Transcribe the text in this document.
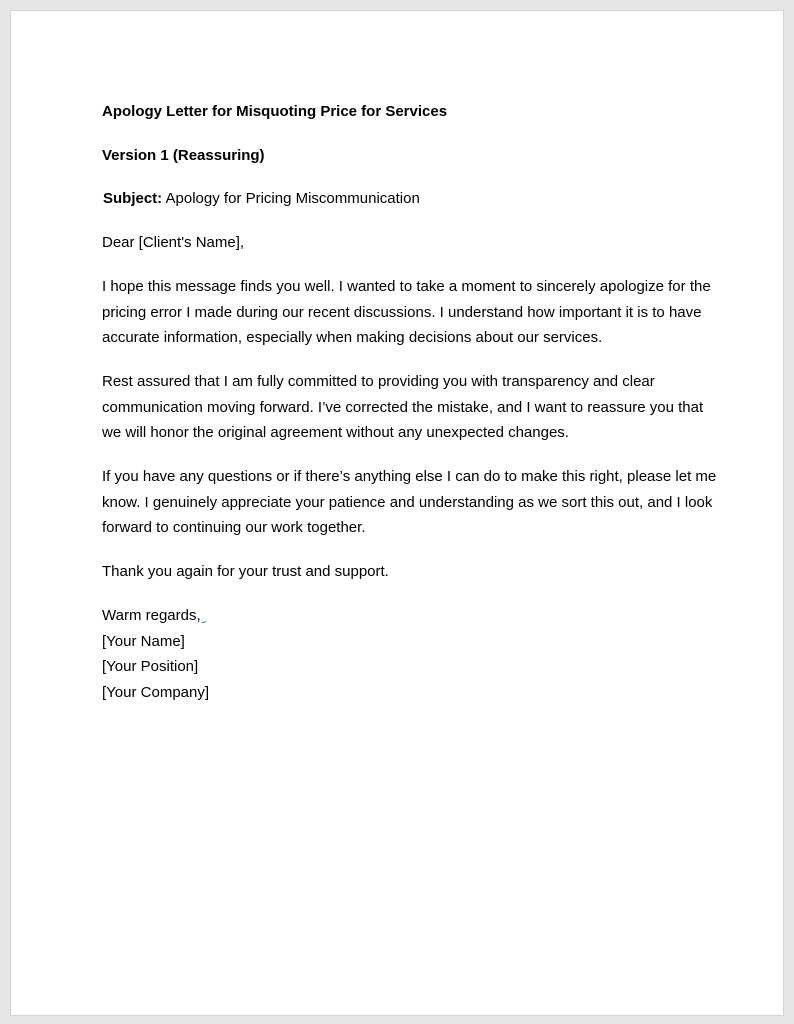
Apology Letter for Misquoting Price for Services
Version 1 (Reassuring)
Subject: Apology for Pricing Miscommunication

Dear [Client's Name],

I hope this message finds you well. I wanted to take a moment to sincerely apologize for the pricing error I made during our recent discussions. I understand how important it is to have accurate information, especially when making decisions about our services.

Rest assured that I am fully committed to providing you with transparency and clear communication moving forward. I’ve corrected the mistake, and I want to reassure you that we will honor the original agreement without any unexpected changes.

If you have any questions or if there’s anything else I can do to make this right, please let me know. I genuinely appreciate your patience and understanding as we sort this out, and I look forward to continuing our work together.

Thank you again for your trust and support.

Warm regards,
[Your Name]
[Your Position]
[Your Company]
